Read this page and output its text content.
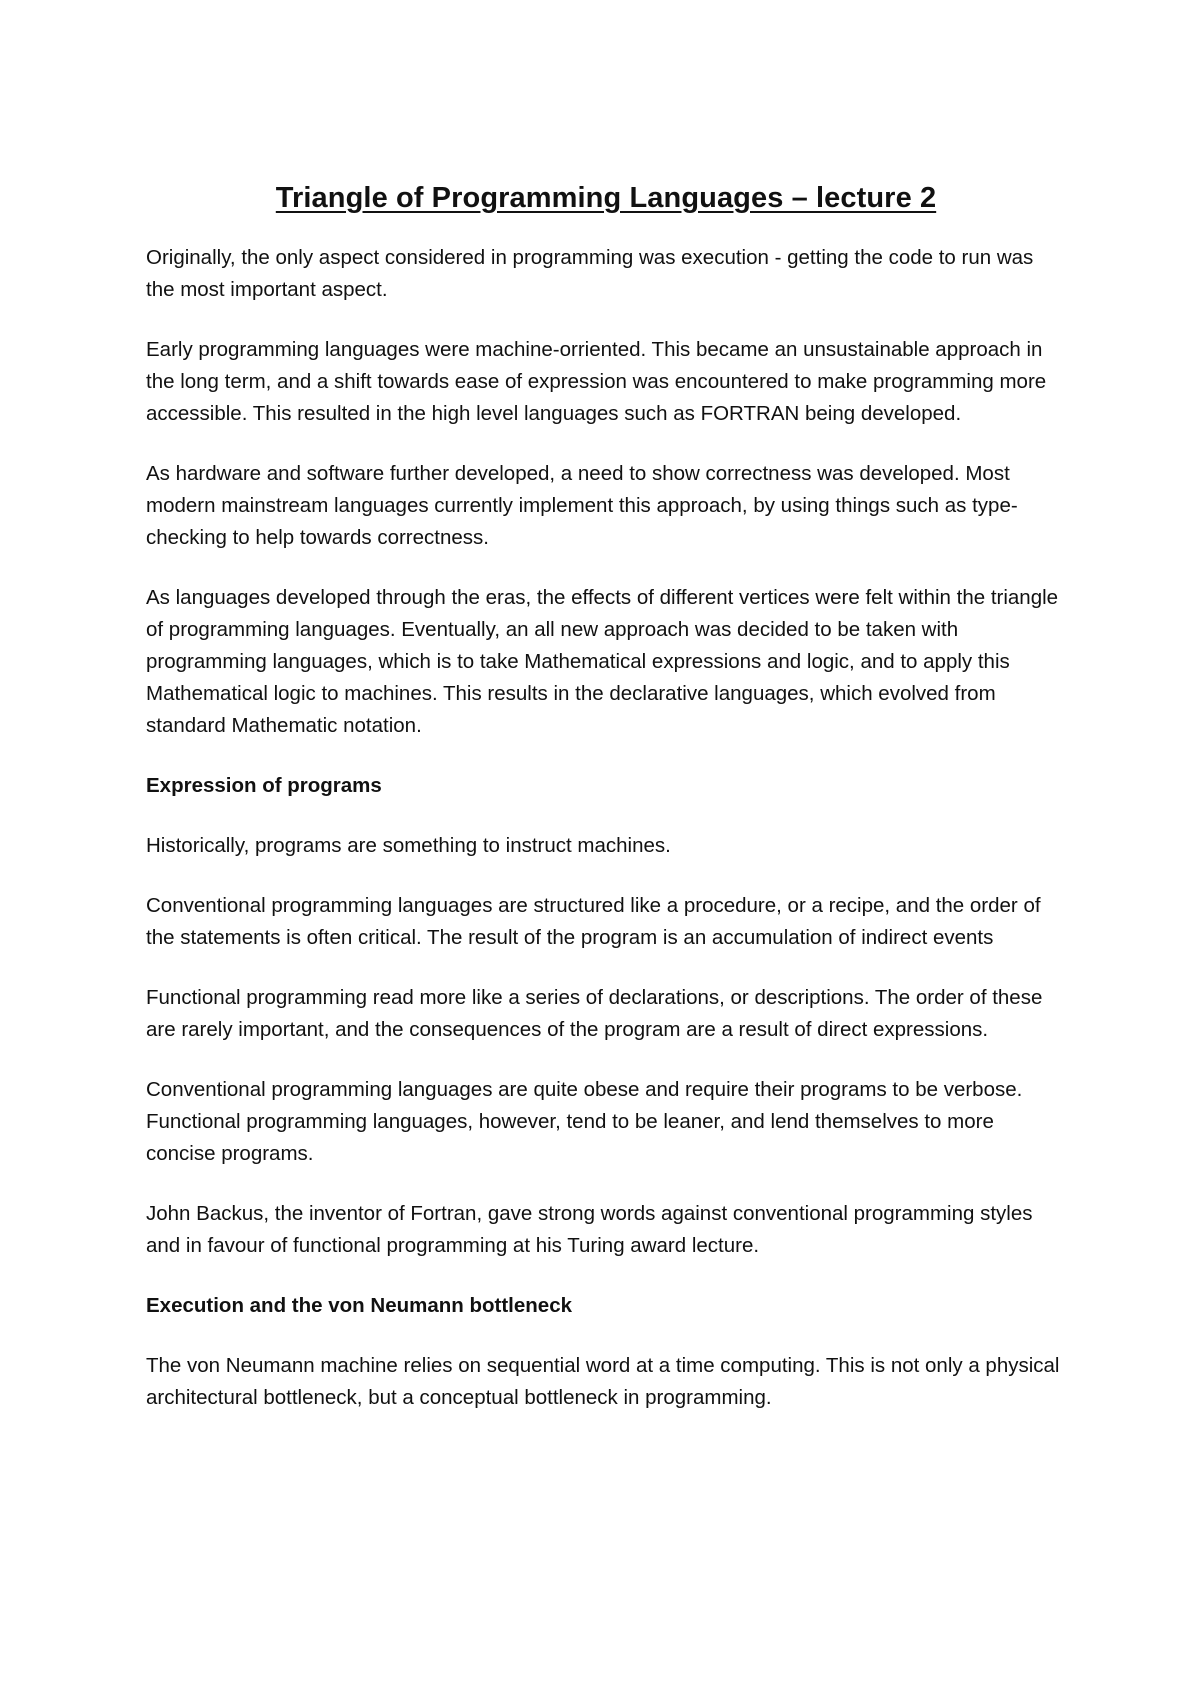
Triangle of Programming Languages – lecture 2

Originally, the only aspect considered in programming was execution - getting the code to run was the most important aspect.

Early programming languages were machine-orriented. This became an unsustainable approach in the long term, and a shift towards ease of expression was encountered to make programming more accessible. This resulted in the high level languages such as FORTRAN being developed.

As hardware and software further developed, a need to show correctness was developed. Most modern mainstream languages currently implement this approach, by using things such as type-checking to help towards correctness.

As languages developed through the eras, the effects of different vertices were felt within the triangle of programming languages. Eventually, an all new approach was decided to be taken with programming languages, which is to take Mathematical expressions and logic, and to apply this Mathematical logic to machines. This results in the declarative languages, which evolved from standard Mathematic notation.

Expression of programs

Historically, programs are something to instruct machines.

Conventional programming languages are structured like a procedure, or a recipe, and the order of the statements is often critical. The result of the program is an accumulation of indirect events

Functional programming read more like a series of declarations, or descriptions. The order of these are rarely important, and the consequences of the program are a result of direct expressions.

Conventional programming languages are quite obese and require their programs to be verbose. Functional programming languages, however, tend to be leaner, and lend themselves to more concise programs.

John Backus, the inventor of Fortran, gave strong words against conventional programming styles and in favour of functional programming at his Turing award lecture.

Execution and the von Neumann bottleneck

The von Neumann machine relies on sequential word at a time computing. This is not only a physical architectural bottleneck, but a conceptual bottleneck in programming.
